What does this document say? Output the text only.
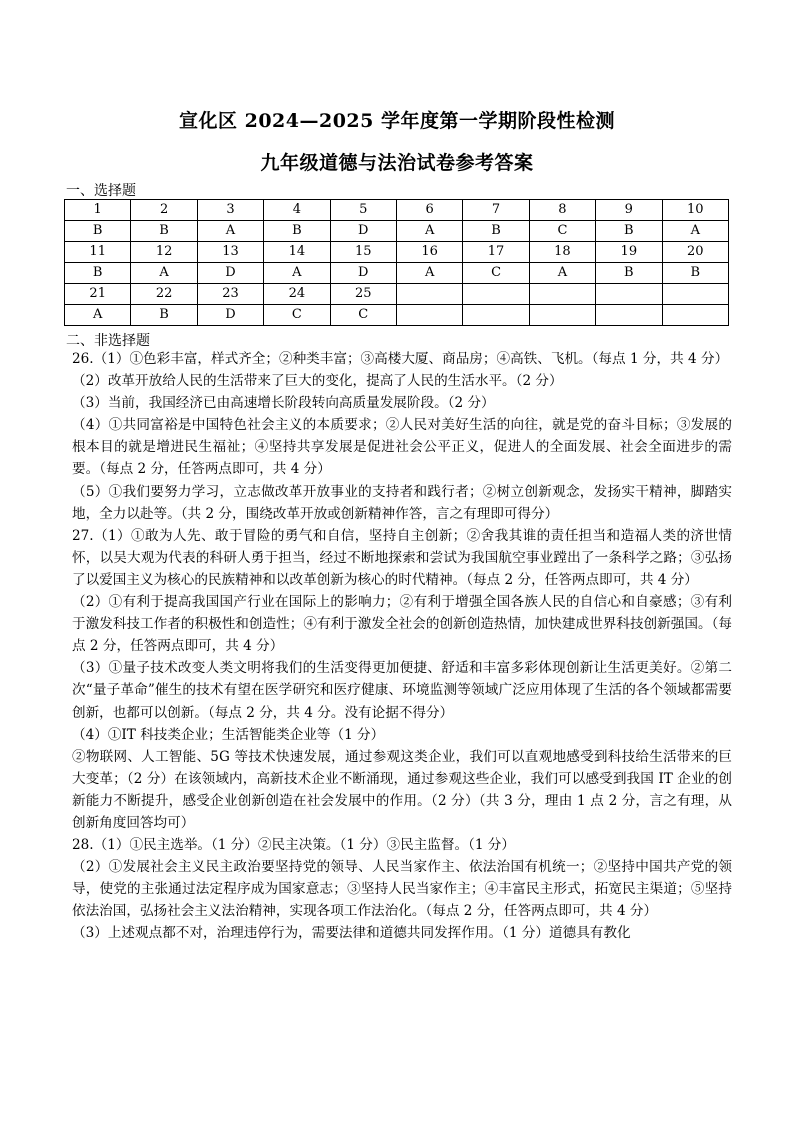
宣化区 2024—2025 学年度第一学期阶段性检测
九年级道德与法治试卷参考答案
一、选择题
1	2	3	4	5	6	7	8	9	10
B	B	A	B	D	A	B	C	B	A
11	12	13	14	15	16	17	18	19	20
B	A	D	A	D	A	C	A	B	B
21	22	23	24	25					
A	B	D	C	C					
二、非选择题

26.（1）①色彩丰富，样式齐全；②种类丰富；③高楼大厦、商品房；④高铁、飞机。（每点 1 分，共 4 分）

（2）改革开放给人民的生活带来了巨大的变化，提高了人民的生活水平。（2 分）

（3）当前，我国经济已由高速增长阶段转向高质量发展阶段。（2 分）

（4）①共同富裕是中国特色社会主义的本质要求；②人民对美好生活的向往，就是党的奋斗目标；③发展的根本目的就是增进民生福祉；④坚持共享发展是促进社会公平正义，促进人的全面发展、社会全面进步的需要。（每点 2 分，任答两点即可，共 4 分）

（5）①我们要努力学习，立志做改革开放事业的支持者和践行者；②树立创新观念，发扬实干精神，脚踏实地，全力以赴等。（共 2 分，围绕改革开放或创新精神作答，言之有理即可得分）

27.（1）①敢为人先、敢于冒险的勇气和自信，坚持自主创新；②舍我其谁的责任担当和造福人类的济世情怀，以吴大观为代表的科研人勇于担当，经过不断地探索和尝试为我国航空事业蹚出了一条科学之路；③弘扬了以爱国主义为核心的民族精神和以改革创新为核心的时代精神。（每点 2 分，任答两点即可，共 4 分）

（2）①有利于提高我国国产行业在国际上的影响力；②有利于增强全国各族人民的自信心和自豪感；③有利于激发科技工作者的积极性和创造性；④有利于激发全社会的创新创造热情，加快建成世界科技创新强国。（每点 2 分，任答两点即可，共 4 分）

（3）①量子技术改变人类文明将我们的生活变得更加便捷、舒适和丰富多彩体现创新让生活更美好。②第二次“量子革命”催生的技术有望在医学研究和医疗健康、环境监测等领域广泛应用体现了生活的各个领域都需要创新，也都可以创新。（每点 2 分，共 4 分。没有论据不得分）

（4）①IT 科技类企业；生活智能类企业等（1 分）

②物联网、人工智能、5G 等技术快速发展，通过参观这类企业，我们可以直观地感受到科技给生活带来的巨大变革；（2 分）在该领域内，高新技术企业不断涌现，通过参观这些企业，我们可以感受到我国 IT 企业的创新能力不断提升，感受企业创新创造在社会发展中的作用。（2 分）（共 3 分，理由 1 点 2 分，言之有理，从创新角度回答均可）

28.（1）①民主选举。（1 分）②民主决策。（1 分）③民主监督。（1 分）

（2）①发展社会主义民主政治要坚持党的领导、人民当家作主、依法治国有机统一；②坚持中国共产党的领导，使党的主张通过法定程序成为国家意志；③坚持人民当家作主；④丰富民主形式，拓宽民主渠道；⑤坚持依法治国，弘扬社会主义法治精神，实现各项工作法治化。（每点 2 分，任答两点即可，共 4 分）

（3）上述观点都不对，治理违停行为，需要法律和道德共同发挥作用。（1 分）道德具有教化
